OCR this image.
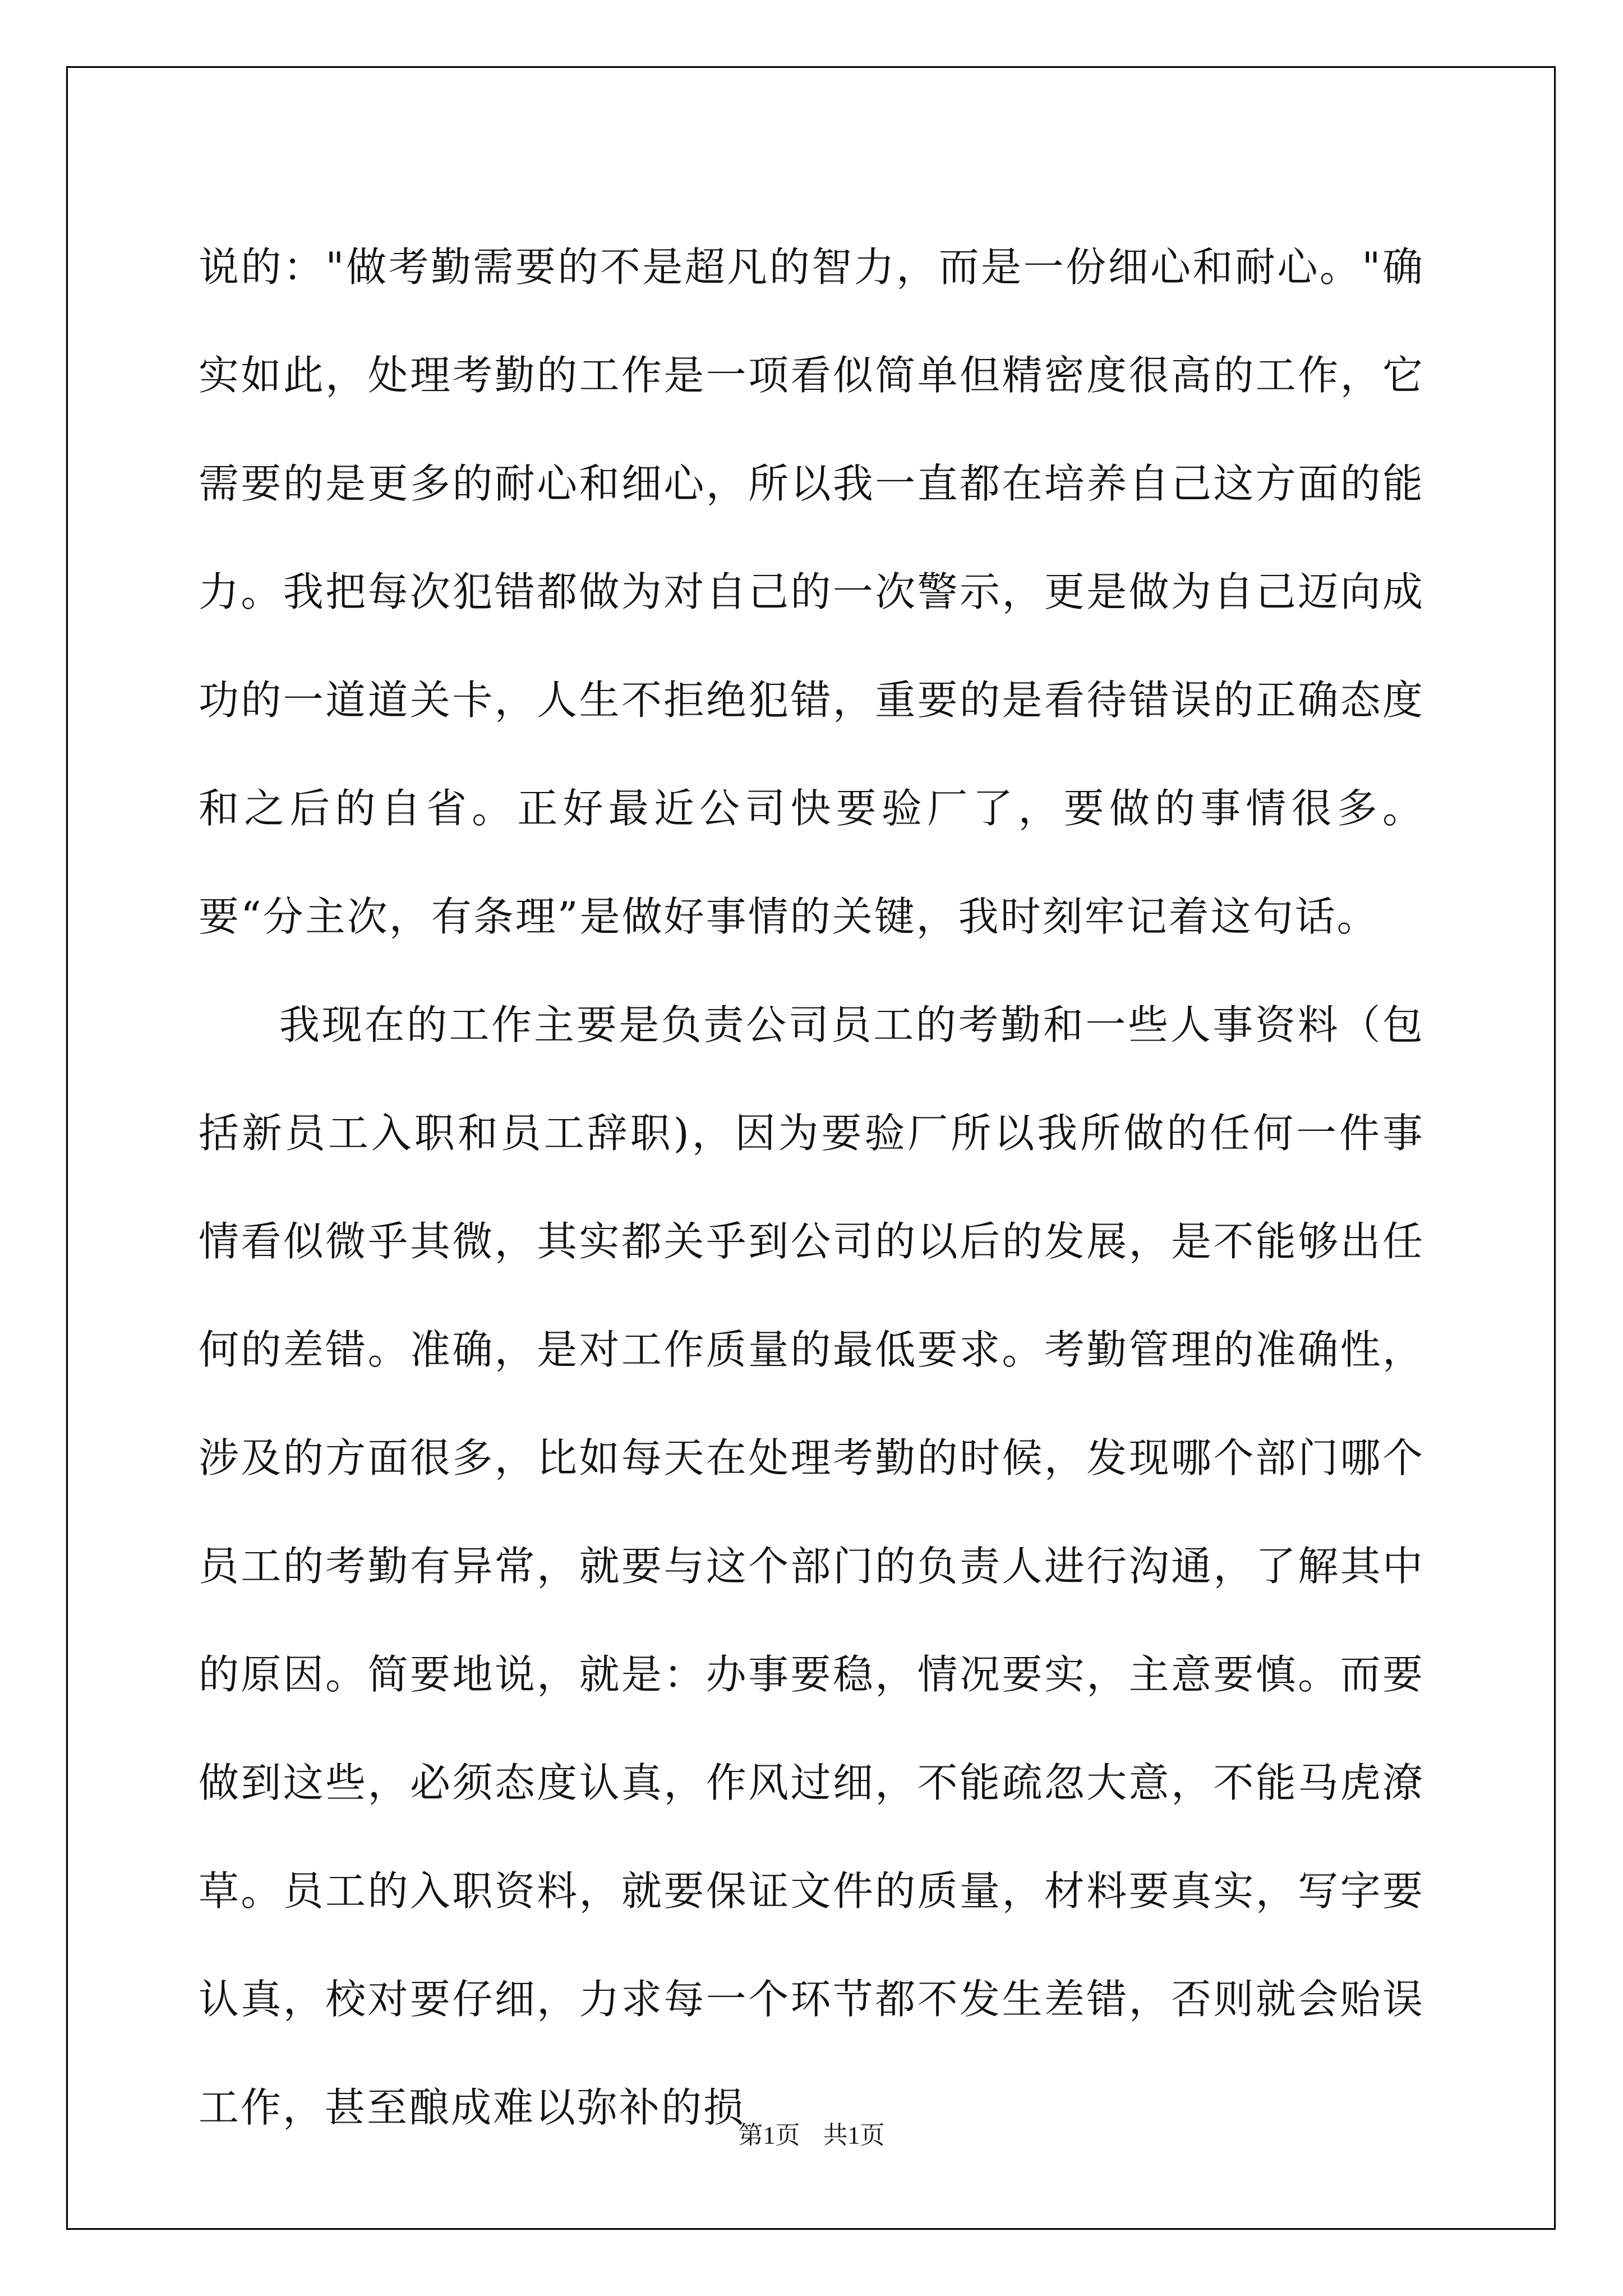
说的："做考勤需要的不是超凡的智力，而是一份细心和耐心。"确实如此，处理考勤的工作是一项看似简单但精密度很高的工作，它需要的是更多的耐心和细心，所以我一直都在培养自己这方面的能力。我把每次犯错都做为对自己的一次警示，更是做为自己迈向成功的一道道关卡，人生不拒绝犯错，重要的是看待错误的正确态度和之后的自省。正好最近公司快要验厂了，要做的事情很多。要“分主次，有条理”是做好事情的关键，我时刻牢记着这句话。

我现在的工作主要是负责公司员工的考勤和一些人事资料（包括新员工入职和员工辞职)，因为要验厂所以我所做的任何一件事情看似微乎其微，其实都关乎到公司的以后的发展，是不能够出任何的差错。准确，是对工作质量的最低要求。考勤管理的准确性，涉及的方面很多，比如每天在处理考勤的时候，发现哪个部门哪个员工的考勤有异常，就要与这个部门的负责人进行沟通，了解其中的原因。简要地说，就是：办事要稳，情况要实，主意要慎。而要做到这些，必须态度认真，作风过细，不能疏忽大意，不能马虎潦草。员工的入职资料，就要保证文件的质量，材料要真实，写字要认真，校对要仔细，力求每一个环节都不发生差错，否则就会贻误工作，甚至酿成难以弥补的损

第1页 共1页
